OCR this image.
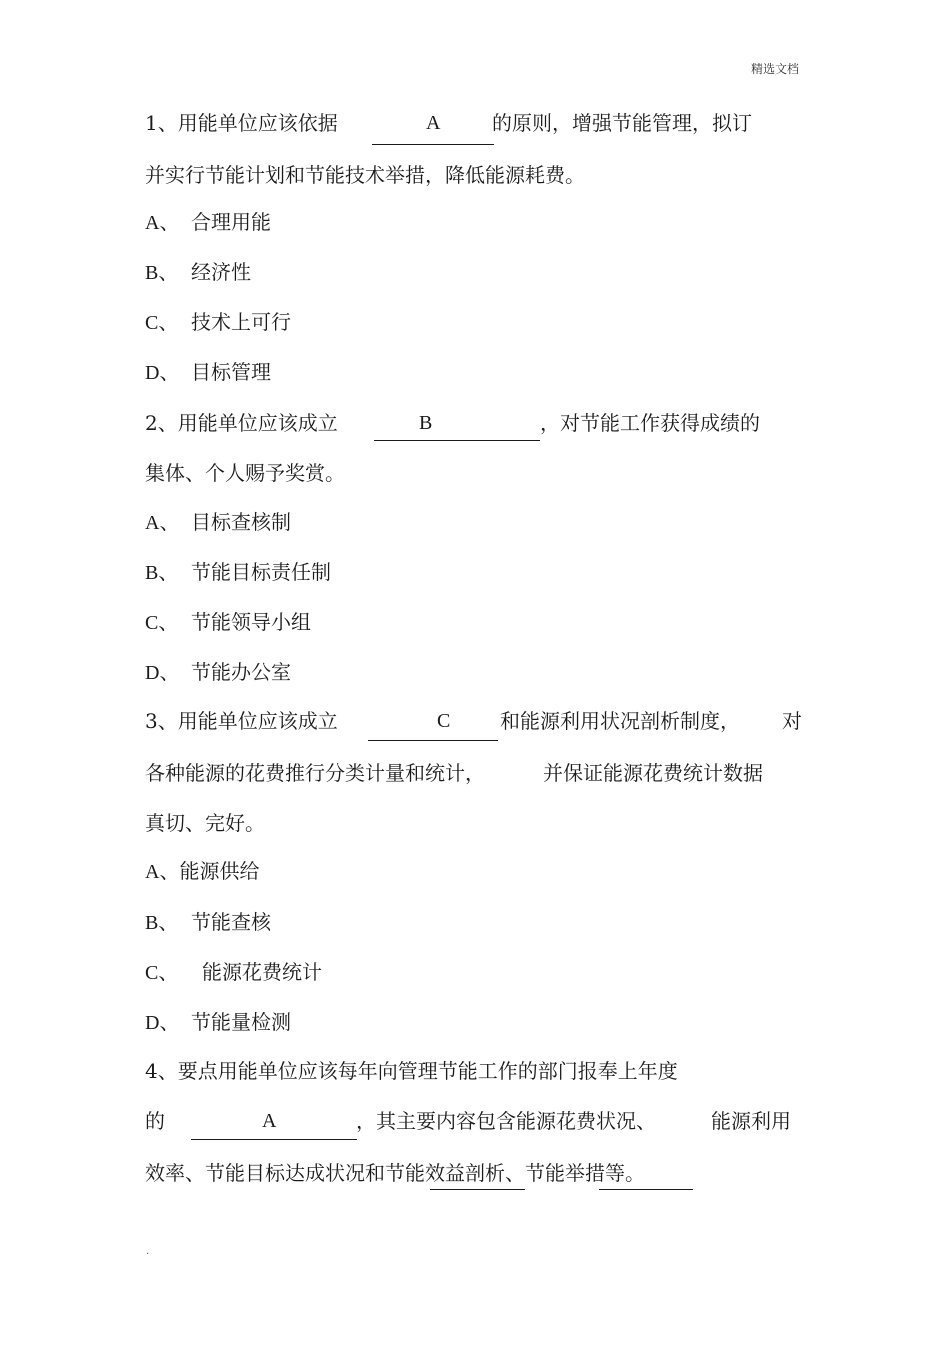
精选文档
1、用能单位应该依据	A	的原则，增强节能管理，拟订
并实行节能计划和节能技术举措，降低能源耗费。
A、 合理用能
B、 经济性
C、 技术上可行
D、 目标管理
2、用能单位应该成立	B	，对节能工作获得成绩的
集体、个人赐予奖赏。
A、 目标查核制
B、 节能目标责任制
C、 节能领导小组
D、 节能办公室
3、用能单位应该成立	C 和能源利用状况剖析制度， 对
各种能源的花费推行分类计量和统计，	并保证能源花费统计数据
真切、完好。
A、能源供给
B、 节能查核
C、 能源花费统计
D、 节能量检测
4、要点用能单位应该每年向管理节能工作的部门报奉上年度
的	A	，其主要内容包含能源花费状况、	能源利用
效率、节能目标达成状况和节能效益剖析、节能举措等。
.
